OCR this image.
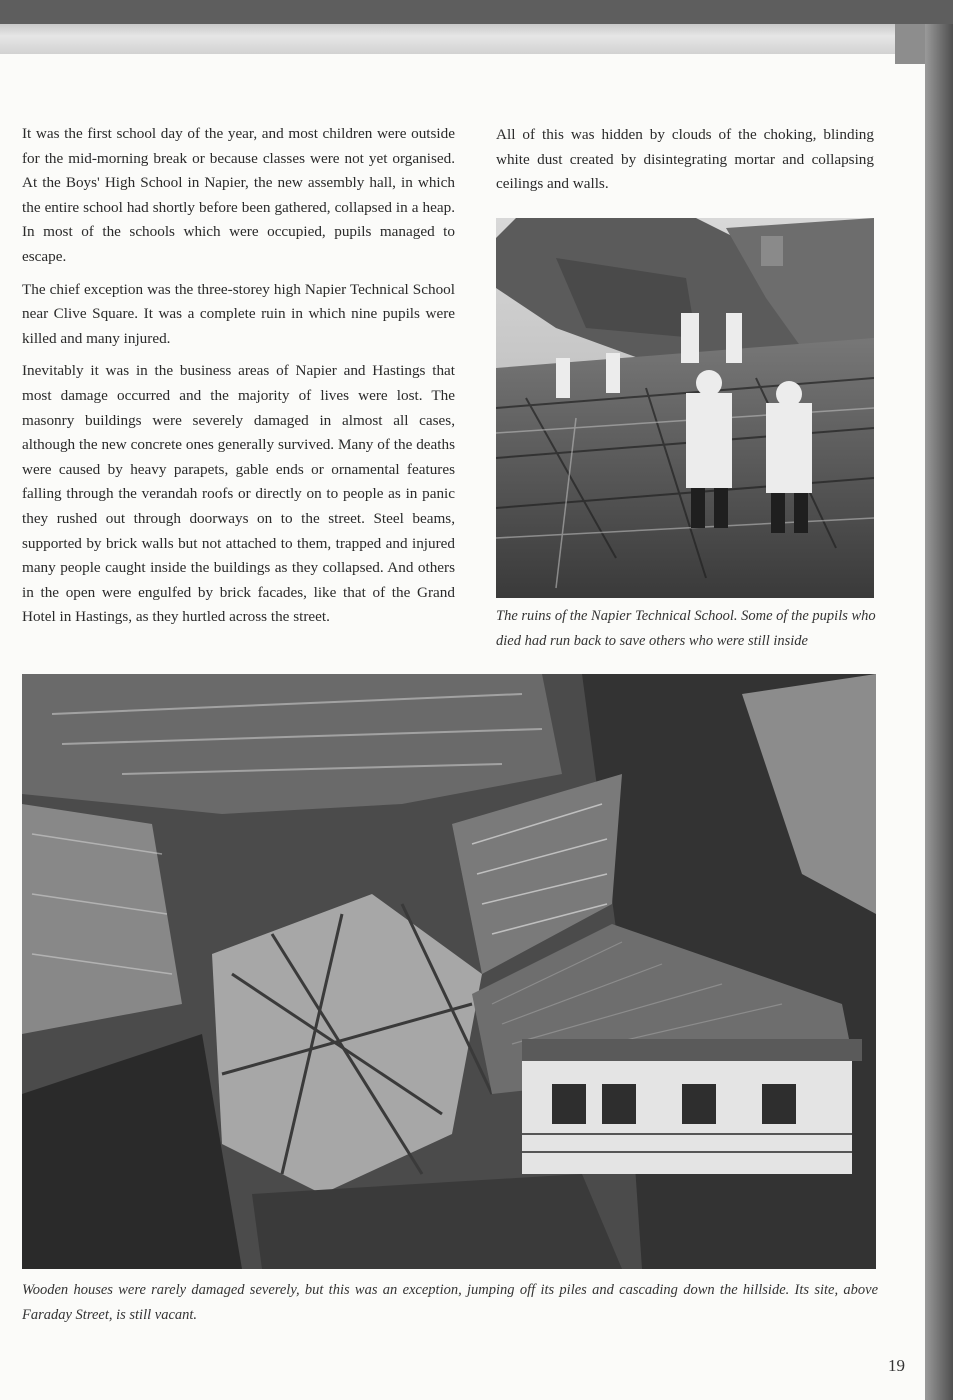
It was the first school day of the year, and most children were outside for the mid-morning break or because classes were not yet organised. At the Boys' High School in Napier, the new assembly hall, in which the entire school had shortly before been gathered, collapsed in a heap. In most of the schools which were occupied, pupils managed to escape.

The chief exception was the three-storey high Napier Technical School near Clive Square. It was a complete ruin in which nine pupils were killed and many injured.

Inevitably it was in the business areas of Napier and Hastings that most damage occurred and the majority of lives were lost. The masonry buildings were severely damaged in almost all cases, although the new concrete ones generally survived. Many of the deaths were caused by heavy parapets, gable ends or ornamental features falling through the verandah roofs or directly on to people as in panic they rushed out through doorways on to the street. Steel beams, supported by brick walls but not attached to them, trapped and injured many people caught inside the buildings as they collapsed. And others in the open were engulfed by brick facades, like that of the Grand Hotel in Hastings, as they hurtled across the street.

All of this was hidden by clouds of the choking, blinding white dust created by disintegrating mortar and collapsing ceilings and walls.

The ruins of the Napier Technical School. Some of the pupils who died had run back to save others who were still inside
Wooden houses were rarely damaged severely, but this was an exception, jumping off its piles and cascading down the hillside. Its site, above Faraday Street, is still vacant.
19
